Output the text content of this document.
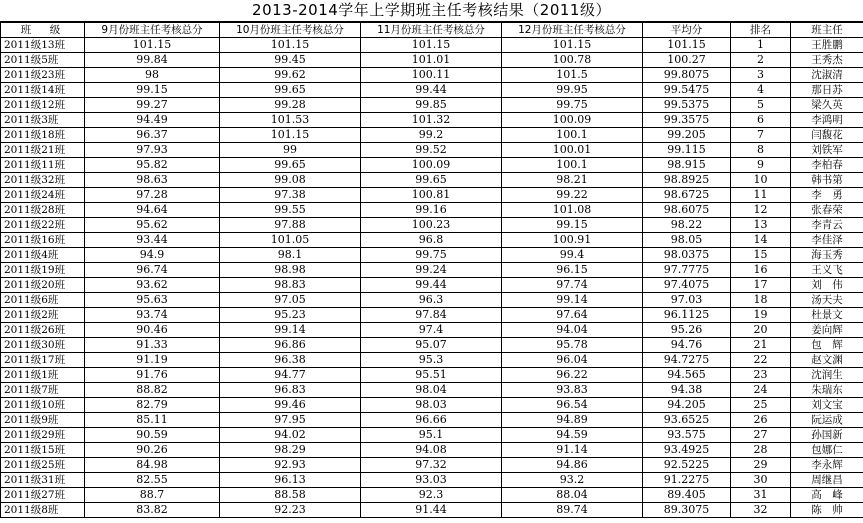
2013-2014学年上学期班主任考核结果（2011级）
班　级	9月份班主任考核总分	10月份班主任考核总分	11月份班主任考核总分	12月份班主任考核总分	平均分	排名	班主任
2011级13班	101.15	101.15	101.15	101.15	101.15	1	王胜鹏
2011级5班	99.84	99.45	101.01	100.78	100.27	2	王秀杰
2011级23班	98	99.62	100.11	101.5	99.8075	3	沈淑清
2011级14班	99.15	99.65	99.44	99.95	99.5475	4	那日苏
2011级12班	99.27	99.28	99.85	99.75	99.5375	5	梁久英
2011级3班	94.49	101.53	101.32	100.09	99.3575	6	李鸿明
2011级18班	96.37	101.15	99.2	100.1	99.205	7	闫馥花
2011级21班	97.93	99	99.52	100.01	99.115	8	刘铁军
2011级11班	95.82	99.65	100.09	100.1	98.915	9	李柏春
2011级32班	98.63	99.08	99.65	98.21	98.8925	10	韩书第
2011级24班	97.28	97.38	100.81	99.22	98.6725	11	李　勇
2011级28班	94.64	99.55	99.16	101.08	98.6075	12	张春荣
2011级22班	95.62	97.88	100.23	99.15	98.22	13	李青云
2011级16班	93.44	101.05	96.8	100.91	98.05	14	李佳泽
2011级4班	94.9	98.1	99.75	99.4	98.0375	15	海玉秀
2011级19班	96.74	98.98	99.24	96.15	97.7775	16	王义飞
2011级20班	93.62	98.83	99.44	97.74	97.4075	17	刘　伟
2011级6班	95.63	97.05	96.3	99.14	97.03	18	汤天夫
2011级2班	93.74	95.23	97.84	97.64	96.1125	19	杜景文
2011级26班	90.46	99.14	97.4	94.04	95.26	20	姜向辉
2011级30班	91.33	96.86	95.07	95.78	94.76	21	包　辉
2011级17班	91.19	96.38	95.3	96.04	94.7275	22	赵文渊
2011级1班	91.76	94.77	95.51	96.22	94.565	23	沈润生
2011级7班	88.82	96.83	98.04	93.83	94.38	24	朱瑞东
2011级10班	82.79	99.46	98.03	96.54	94.205	25	刘文宝
2011级9班	85.11	97.95	96.66	94.89	93.6525	26	阮运成
2011级29班	90.59	94.02	95.1	94.59	93.575	27	孙国新
2011级15班	90.26	98.29	94.08	91.14	93.4925	28	包娜仁
2011级25班	84.98	92.93	97.32	94.86	92.5225	29	李永辉
2011级31班	82.55	96.13	93.03	93.2	91.2275	30	周继昌
2011级27班	88.7	88.58	92.3	88.04	89.405	31	高　峰
2011级8班	83.82	92.23	91.44	89.74	89.3075	32	陈　帅
